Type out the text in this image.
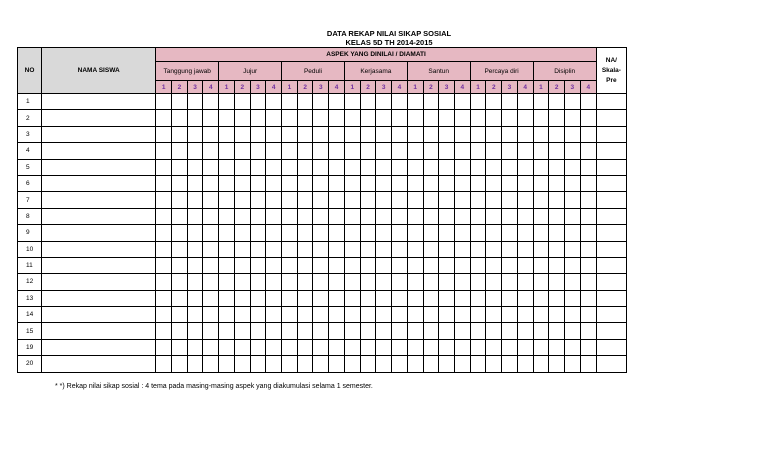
DATA REKAP NILAI SIKAP SOSIAL
KELAS 5D TH 2014-2015
NO	NAMA SISWA	ASPEK YANG DINILAI / DIAMATI																												NA/ Skala- Pre
		Tanggung jawab				Jujur				Peduli				Kerjasama				Santun				Percaya diri				Disiplin				
		1	2	3	4	1	2	3	4	1	2	3	4	1	2	3	4	1	2	3	4	1	2	3	4	1	2	3	4	
1																														
2																														
3																														
4																														
5																														
6																														
7																														
8																														
9																														
10																														
11																														
12																														
13																														
14																														
15																														
19																														
20																														
* *) Rekap nilai sikap sosial : 4 tema pada masing-masing aspek yang diakumulasi selama 1 semester.
